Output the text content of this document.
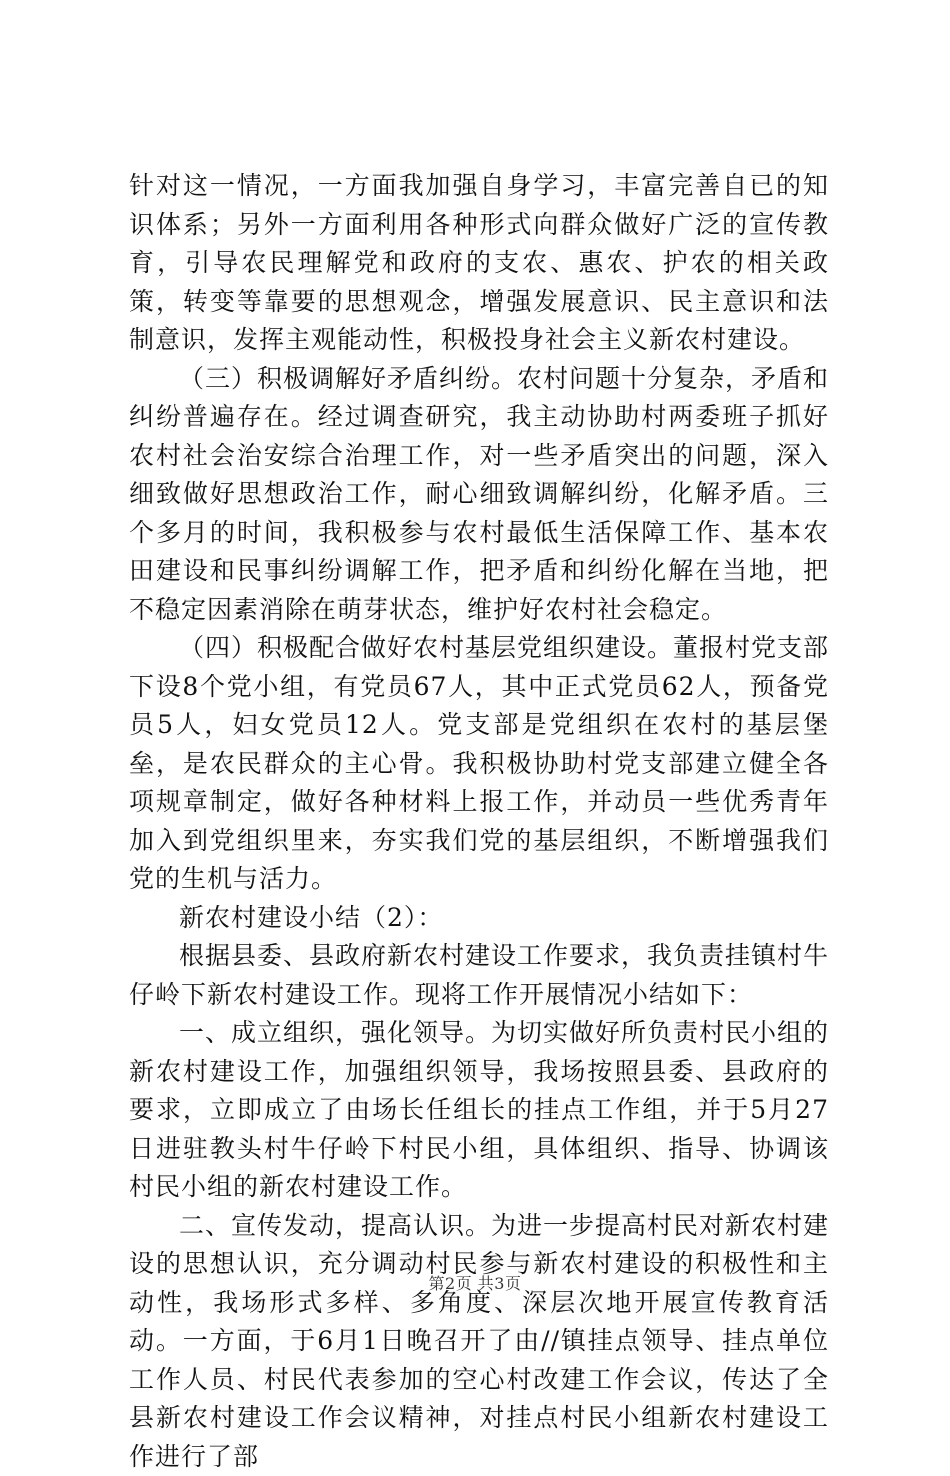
针对这一情况，一方面我加强自身学习，丰富完善自已的知识体系；另外一方面利用各种形式向群众做好广泛的宣传教育，引导农民理解党和政府的支农、惠农、护农的相关政策，转变等靠要的思想观念，增强发展意识、民主意识和法制意识，发挥主观能动性，积极投身社会主义新农村建设。

（三）积极调解好矛盾纠纷。农村问题十分复杂，矛盾和纠纷普遍存在。经过调查研究，我主动协助村两委班子抓好农村社会治安综合治理工作，对一些矛盾突出的问题，深入细致做好思想政治工作，耐心细致调解纠纷，化解矛盾。三个多月的时间，我积极参与农村最低生活保障工作、基本农田建设和民事纠纷调解工作，把矛盾和纠纷化解在当地，把不稳定因素消除在萌芽状态，维护好农村社会稳定。

（四）积极配合做好农村基层党组织建设。董报村党支部下设8个党小组，有党员67人，其中正式党员62人，预备党员5人，妇女党员12人。党支部是党组织在农村的基层堡垒，是农民群众的主心骨。我积极协助村党支部建立健全各项规章制定，做好各种材料上报工作，并动员一些优秀青年加入到党组织里来，夯实我们党的基层组织，不断增强我们党的生机与活力。

新农村建设小结（2）：

根据县委、县政府新农村建设工作要求，我负责挂镇村牛仔岭下新农村建设工作。现将工作开展情况小结如下：

一、成立组织，强化领导。为切实做好所负责村民小组的新农村建设工作，加强组织领导，我场按照县委、县政府的要求，立即成立了由场长任组长的挂点工作组，并于5月27日进驻教头村牛仔岭下村民小组，具体组织、指导、协调该村民小组的新农村建设工作。

二、宣传发动，提高认识。为进一步提高村民对新农村建设的思想认识，充分调动村民参与新农村建设的积极性和主动性，我场形式多样、多角度、深层次地开展宣传教育活动。一方面，于6月1日晚召开了由//镇挂点领导、挂点单位工作人员、村民代表参加的空心村改建工作会议，传达了全县新农村建设工作会议精神，对挂点村民小组新农村建设工作进行了部

第2页 共3页
